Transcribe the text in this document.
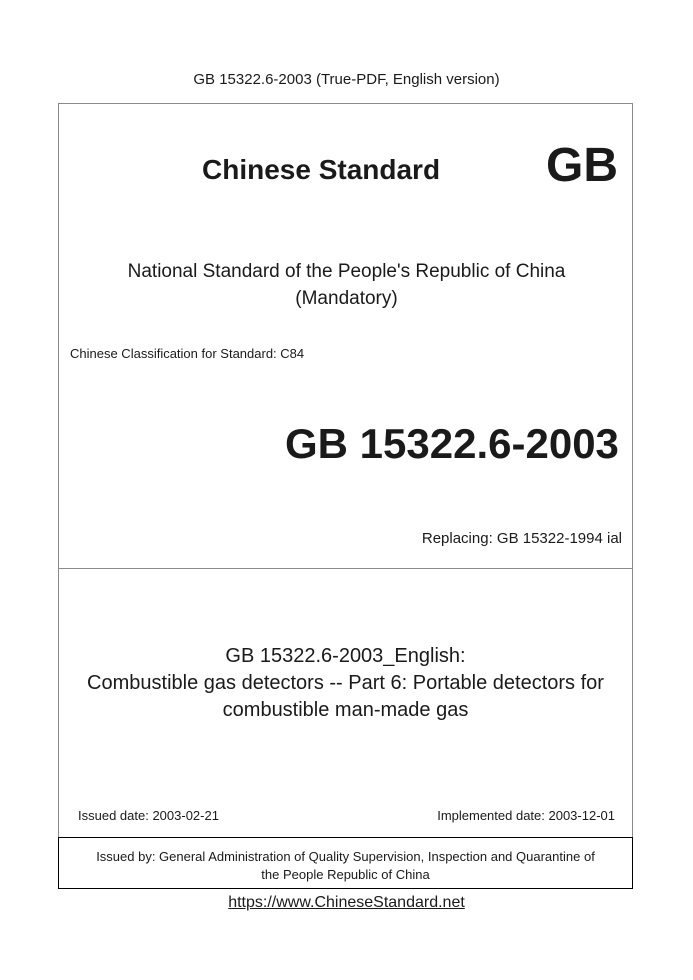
GB 15322.6-2003 (True-PDF, English version)
Chinese Standard GB
National Standard of the People's Republic of China
(Mandatory)
Chinese Classification for Standard: C84
GB 15322.6-2003
Replacing: GB 15322-1994 ial
GB 15322.6-2003_English:
Combustible gas detectors -- Part 6: Portable detectors for
combustible man-made gas
Issued date: 2003-02-21	Implemented date: 2003-12-01
Issued by: General Administration of Quality Supervision, Inspection and Quarantine of
the People Republic of China
https://www.ChineseStandard.net
